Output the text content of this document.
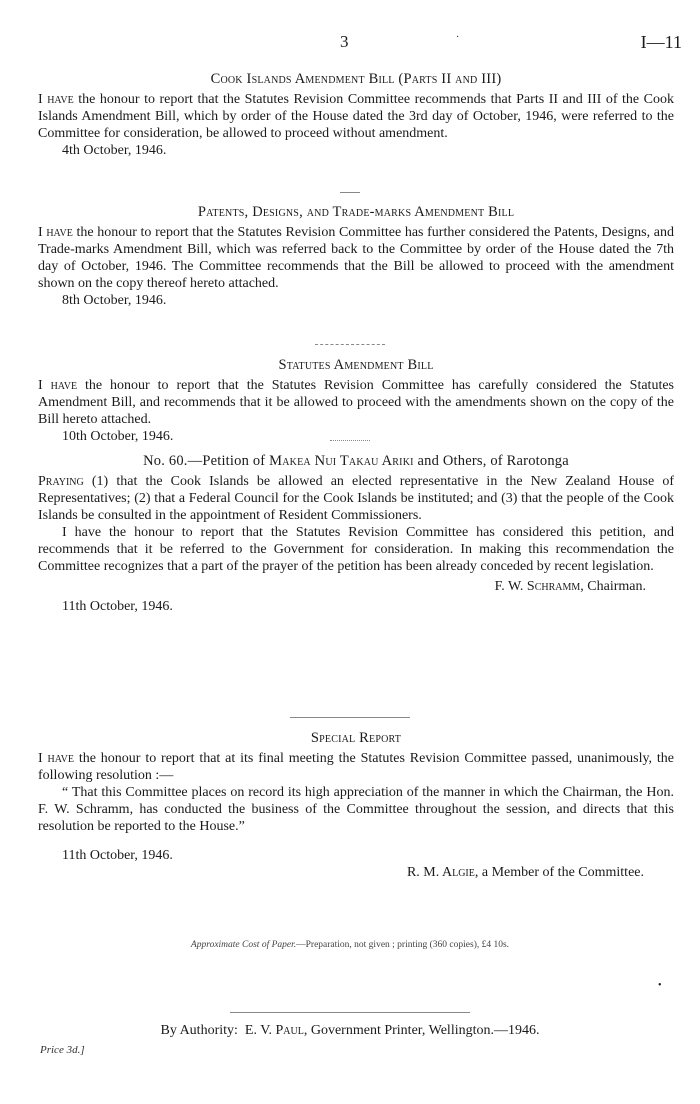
3	·	I—11
Cook Islands Amendment Bill (Parts II and III)

I have the honour to report that the Statutes Revision Committee recommends that Parts II and III of the Cook Islands Amendment Bill, which by order of the House dated the 3rd day of October, 1946, were referred to the Committee for consideration, be allowed to proceed without amendment.

4th October, 1946.

Patents, Designs, and Trade-marks Amendment Bill

I have the honour to report that the Statutes Revision Committee has further considered the Patents, Designs, and Trade-marks Amendment Bill, which was referred back to the Committee by order of the House dated the 7th day of October, 1946. The Committee recommends that the Bill be allowed to proceed with the amendment shown on the copy thereof hereto attached.

8th October, 1946.

Statutes Amendment Bill

I have the honour to report that the Statutes Revision Committee has carefully considered the Statutes Amendment Bill, and recommends that it be allowed to proceed with the amendments shown on the copy of the Bill hereto attached.

10th October, 1946.

No. 60.—Petition of Makea Nui Takau Ariki and Others, of Rarotonga

Praying (1) that the Cook Islands be allowed an elected representative in the New Zealand House of Representatives; (2) that a Federal Council for the Cook Islands be instituted; and (3) that the people of the Cook Islands be consulted in the appointment of Resident Commissioners.

I have the honour to report that the Statutes Revision Committee has considered this petition, and recommends that it be referred to the Government for consideration. In making this recommendation the Committee recognizes that a part of the prayer of the petition has been already conceded by recent legislation.

F. W. Schramm, Chairman.

11th October, 1946.

Special Report

I have the honour to report that at its final meeting the Statutes Revision Committee passed, unanimously, the following resolution :—

“ That this Committee places on record its high appreciation of the manner in which the Chairman, the Hon. F. W. Schramm, has conducted the business of the Committee throughout the session, and directs that this resolution be reported to the House.”

11th October, 1946.

R. M. Algie, a Member of the Committee.

Approximate Cost of Paper.—Preparation, not given ; printing (360 copies), £4 10s.
•
By Authority: E. V. Paul, Government Printer, Wellington.—1946.
Price 3d.]
